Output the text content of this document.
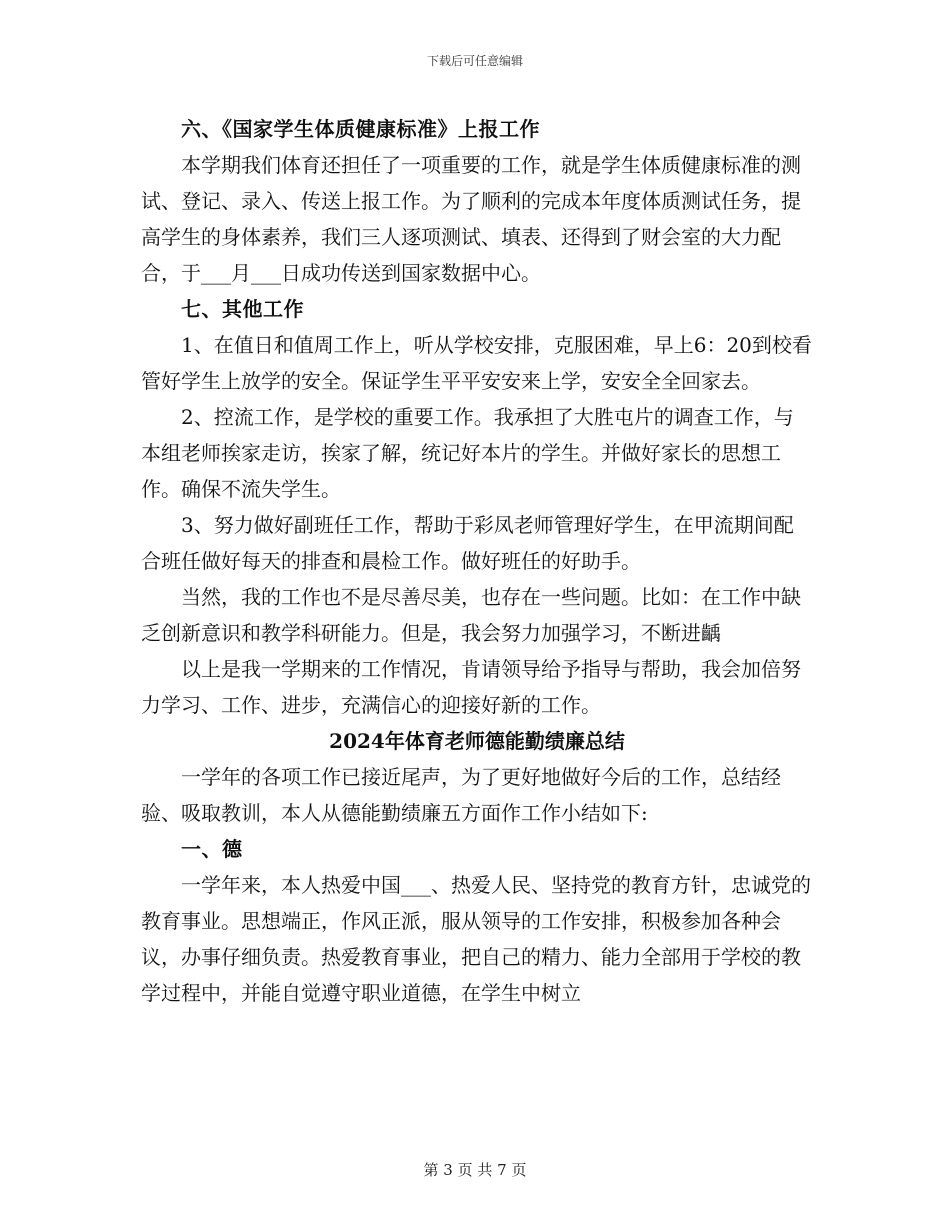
下载后可任意编辑

六、《国家学生体质健康标准》上报工作

本学期我们体育还担任了一项重要的工作，就是学生体质健康标准的测试、登记、录入、传送上报工作。为了顺利的完成本年度体质测试任务，提高学生的身体素养，我们三人逐项测试、填表、还得到了财会室的大力配合，于___月___日成功传送到国家数据中心。

七、其他工作

1、在值日和值周工作上，听从学校安排，克服困难，早上6：20到校看管好学生上放学的安全。保证学生平平安安来上学，安安全全回家去。

2、控流工作，是学校的重要工作。我承担了大胜屯片的调查工作，与本组老师挨家走访，挨家了解，统记好本片的学生。并做好家长的思想工作。确保不流失学生。

3、努力做好副班任工作，帮助于彩凤老师管理好学生，在甲流期间配合班任做好每天的排查和晨检工作。做好班任的好助手。

当然，我的工作也不是尽善尽美，也存在一些问题。比如：在工作中缺乏创新意识和教学科研能力。但是，我会努力加强学习，不断进齲

以上是我一学期来的工作情况，肯请领导给予指导与帮助，我会加倍努力学习、工作、进步，充满信心的迎接好新的工作。

2024年体育老师德能勤绩廉总结

一学年的各项工作已接近尾声，为了更好地做好今后的工作，总结经验、吸取教训，本人从德能勤绩廉五方面作工作小结如下:

一、德

一学年来，本人热爱中国___、热爱人民、坚持党的教育方针，忠诚党的教育事业。思想端正，作风正派，服从领导的工作安排，积极参加各种会议，办事仔细负责。热爱教育事业，把自己的精力、能力全部用于学校的教学过程中，并能自觉遵守职业道德，在学生中树立

第 3 页 共 7 页
